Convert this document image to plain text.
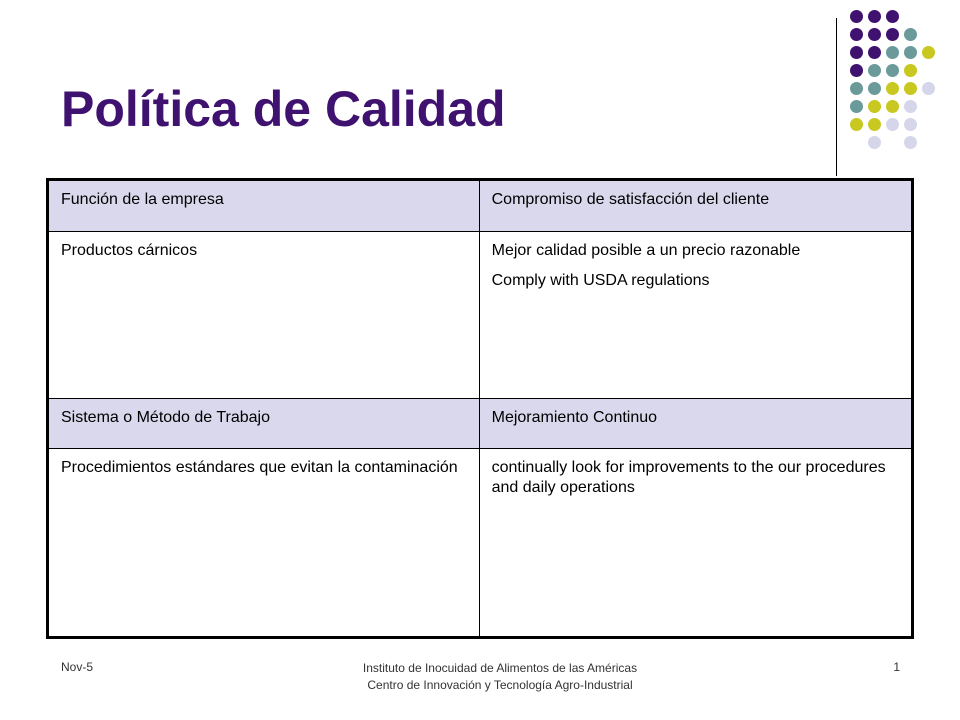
Política de Calidad
Función de la empresa	Compromiso de satisfacción del cliente

Productos cárnicos	Mejor calidad posible a un precio razonable
Comply with USDA regulations

Sistema o Método de Trabajo	Mejoramiento Continuo

Procedimientos estándares que evitan la contaminación	continually look for improvements to the our procedures and daily operations
Nov-5	Instituto de Inocuidad de Alimentos de las Américas
Centro de Innovación y Tecnología Agro-Industrial
1
